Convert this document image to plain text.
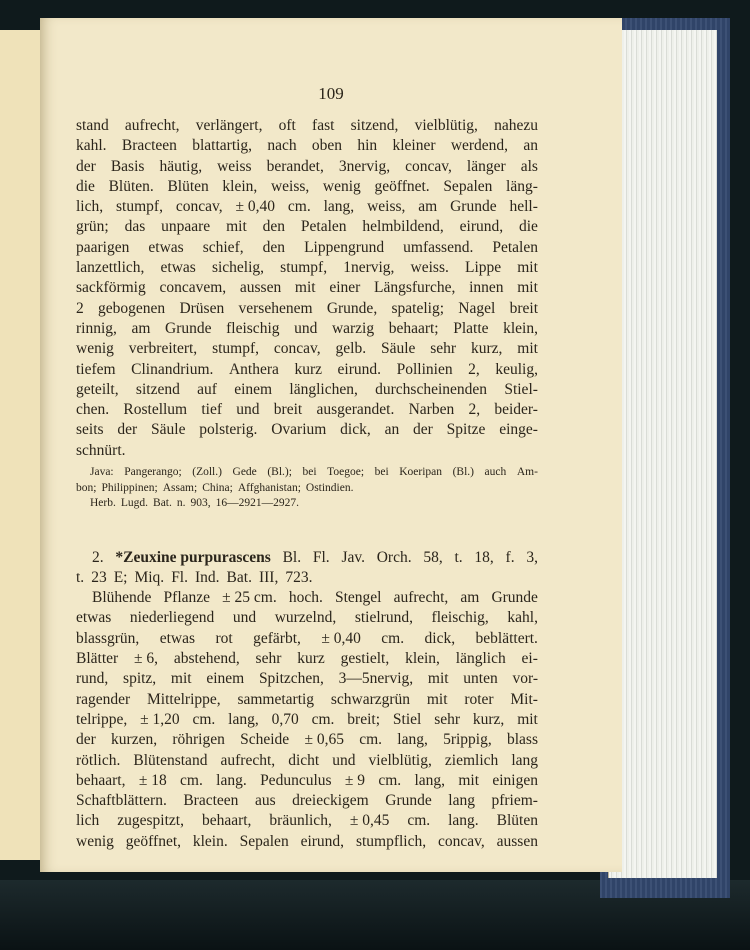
109
stand aufrecht, verlängert, oft fast sitzend, vielblütig, nahezu
kahl. Bracteen blattartig, nach oben hin kleiner werdend, an
der Basis häutig, weiss berandet, 3nervig, concav, länger als
die Blüten. Blüten klein, weiss, wenig geöffnet. Sepalen läng-
lich, stumpf, concav, ± 0,40 cm. lang, weiss, am Grunde hell-
grün; das unpaare mit den Petalen helmbildend, eirund, die
paarigen etwas schief, den Lippengrund umfassend. Petalen
lanzettlich, etwas sichelig, stumpf, 1nervig, weiss. Lippe mit
sackförmig concavem, aussen mit einer Längsfurche, innen mit
2 gebogenen Drüsen versehenem Grunde, spatelig; Nagel breit
rinnig, am Grunde fleischig und warzig behaart; Platte klein,
wenig verbreitert, stumpf, concav, gelb. Säule sehr kurz, mit
tiefem Clinandrium. Anthera kurz eirund. Pollinien 2, keulig,
geteilt, sitzend auf einem länglichen, durchscheinenden Stiel-
chen. Rostellum tief und breit ausgerandet. Narben 2, beider-
seits der Säule polsterig. Ovarium dick, an der Spitze einge-
schnürt.
Java: Pangerango; (Zoll.) Gede (Bl.); bei Toegoe; bei Koeripan (Bl.) auch Am-
bon; Philippinen; Assam; China; Affghanistan; Ostindien.
Herb. Lugd. Bat. n. 903, 16—2921—2927.
2. *Zeuxine purpurascens Bl. Fl. Jav. Orch. 58, t. 18, f. 3,
t. 23 E; Miq. Fl. Ind. Bat. III, 723.
Blühende Pflanze ± 25 cm. hoch. Stengel aufrecht, am Grunde
etwas niederliegend und wurzelnd, stielrund, fleischig, kahl,
blassgrün, etwas rot gefärbt, ± 0,40 cm. dick, beblättert.
Blätter ± 6, abstehend, sehr kurz gestielt, klein, länglich ei-
rund, spitz, mit einem Spitzchen, 3—5nervig, mit unten vor-
ragender Mittelrippe, sammetartig schwarzgrün mit roter Mit-
telrippe, ± 1,20 cm. lang, 0,70 cm. breit; Stiel sehr kurz, mit
der kurzen, röhrigen Scheide ± 0,65 cm. lang, 5rippig, blass
rötlich. Blütenstand aufrecht, dicht und vielblütig, ziemlich lang
behaart, ± 18 cm. lang. Pedunculus ± 9 cm. lang, mit einigen
Schaftblättern. Bracteen aus dreieckigem Grunde lang pfriem-
lich zugespitzt, behaart, bräunlich, ± 0,45 cm. lang. Blüten
wenig geöffnet, klein. Sepalen eirund, stumpflich, concav, aussen
